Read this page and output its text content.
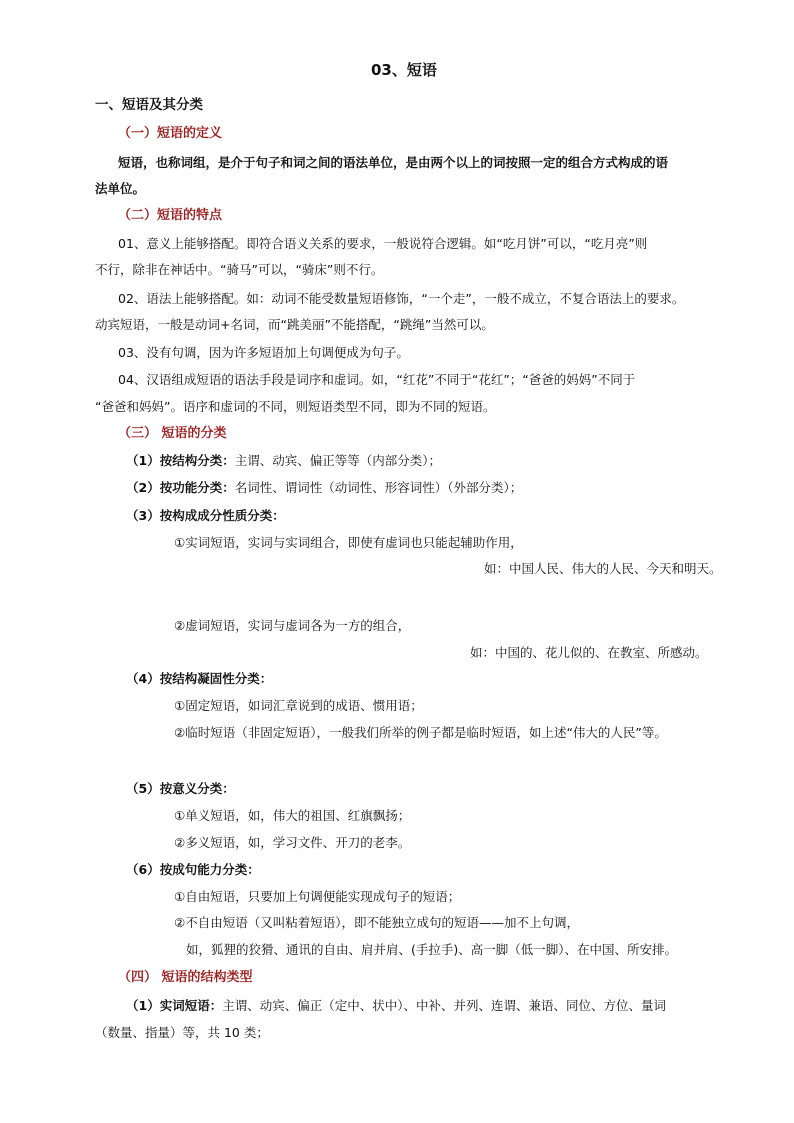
03、短语
一、短语及其分类
（一）短语的定义
短语，也称词组，是介于句子和词之间的语法单位，是由两个以上的词按照一定的组合方式构成的语
法单位。
（二）短语的特点
01、意义上能够搭配。即符合语义关系的要求，一般说符合逻辑。如“吃月饼”可以，“吃月亮”则
不行，除非在神话中。“骑马”可以，“骑床”则不行。
02、语法上能够搭配。如：动词不能受数量短语修饰，“一个走”，一般不成立，不复合语法上的要求。
动宾短语，一般是动词+名词，而“跳美丽”不能搭配，“跳绳”当然可以。
03、没有句调，因为许多短语加上句调便成为句子。
04、汉语组成短语的语法手段是词序和虚词。如，“红花”不同于“花红”；“爸爸的妈妈”不同于
“爸爸和妈妈”。语序和虚词的不同，则短语类型不同，即为不同的短语。
（三） 短语的分类
（1）按结构分类：主谓、动宾、偏正等等（内部分类）；
（2）按功能分类：名词性、谓词性（动词性、形容词性）（外部分类）；
（3）按构成成分性质分类：
①实词短语，实词与实词组合，即使有虚词也只能起辅助作用，
如：中国人民、伟大的人民、今天和明天。
②虚词短语，实词与虚词各为一方的组合，
如：中国的、花儿似的、在教室、所感动。
（4）按结构凝固性分类：
①固定短语，如词汇章说到的成语、惯用语；
②临时短语（非固定短语），一般我们所举的例子都是临时短语，如上述“伟大的人民”等。
（5）按意义分类：
①单义短语，如，伟大的祖国、红旗飘扬；
②多义短语，如，学习文件、开刀的老李。
（6）按成句能力分类：
①自由短语，只要加上句调便能实现成句子的短语；
②不自由短语（又叫粘着短语），即不能独立成句的短语——加不上句调，
如，狐狸的狡猾、通讯的自由、肩并肩、(手拉手)、高一脚（低一脚）、在中国、所安排。
（四） 短语的结构类型
（1）实词短语：主谓、动宾、偏正（定中、状中）、中补、并列、连谓、兼语、同位、方位、量词
（数量、指量）等，共 10 类；
